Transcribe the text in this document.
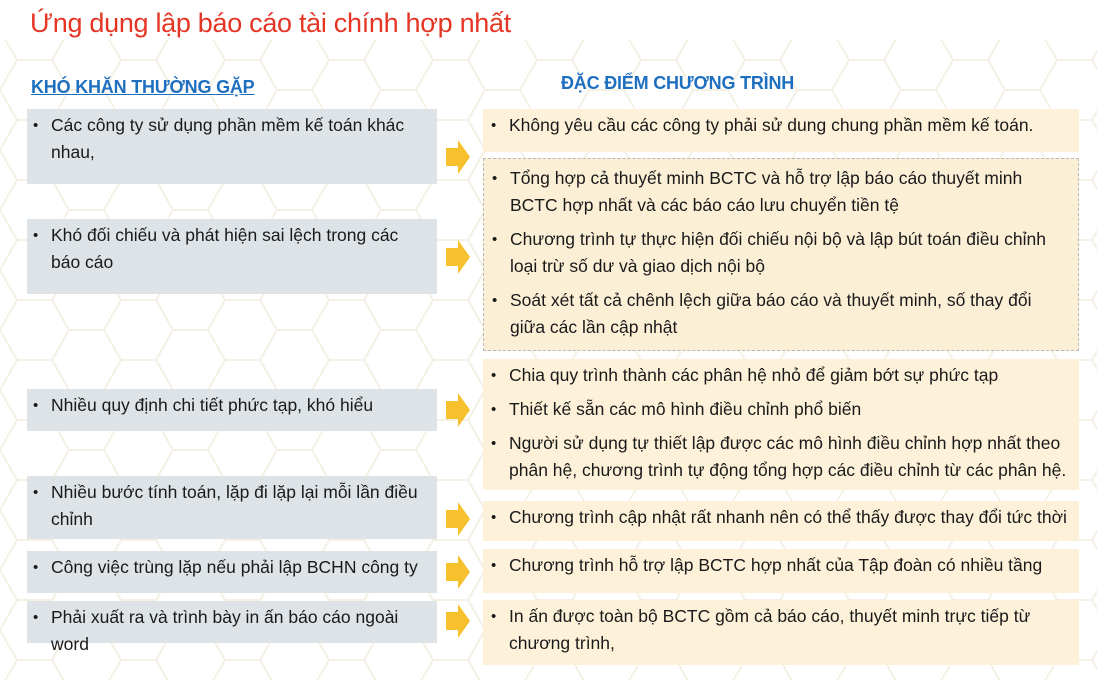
Ứng dụng lập báo cáo tài chính hợp nhất
KHÓ KHĂN THƯỜNG GẶP	ĐẶC ĐIỂM CHƯƠNG TRÌNH
• Các công ty sử dụng phần mềm kế toán khác nhau,
• Khó đối chiếu và phát hiện sai lệch trong các báo cáo
• Nhiều quy định chi tiết phức tạp, khó hiểu
• Nhiều bước tính toán, lặp đi lặp lại mỗi lần điều chỉnh
• Công việc trùng lặp nếu phải lập BCHN công ty
• Phải xuất ra và trình bày in ấn báo cáo ngoài word
• Không yêu cầu các công ty phải sử dung chung phần mềm kế toán.
• Tổng hợp cả thuyết minh BCTC và hỗ trợ lập báo cáo thuyết minh BCTC hợp nhất và các báo cáo lưu chuyển tiền tệ
• Chương trình tự thực hiện đối chiếu nội bộ và lập bút toán điều chỉnh loại trừ số dư và giao dịch nội bộ
• Soát xét tất cả chênh lệch giữa báo cáo và thuyết minh, số thay đổi giữa các lần cập nhật
• Chia quy trình thành các phân hệ nhỏ để giảm bớt sự phức tạp
• Thiết kế sẵn các mô hình điều chỉnh phổ biến
• Người sử dụng tự thiết lập được các mô hình điều chỉnh hợp nhất theo phân hệ, chương trình tự động tổng hợp các điều chỉnh từ các phân hệ.
• Chương trình cập nhật rất nhanh nên có thể thấy được thay đổi tức thời
• Chương trình hỗ trợ lập BCTC hợp nhất của Tập đoàn có nhiều tầng
• In ấn được toàn bộ BCTC gồm cả báo cáo, thuyết minh trực tiếp từ chương trình,
